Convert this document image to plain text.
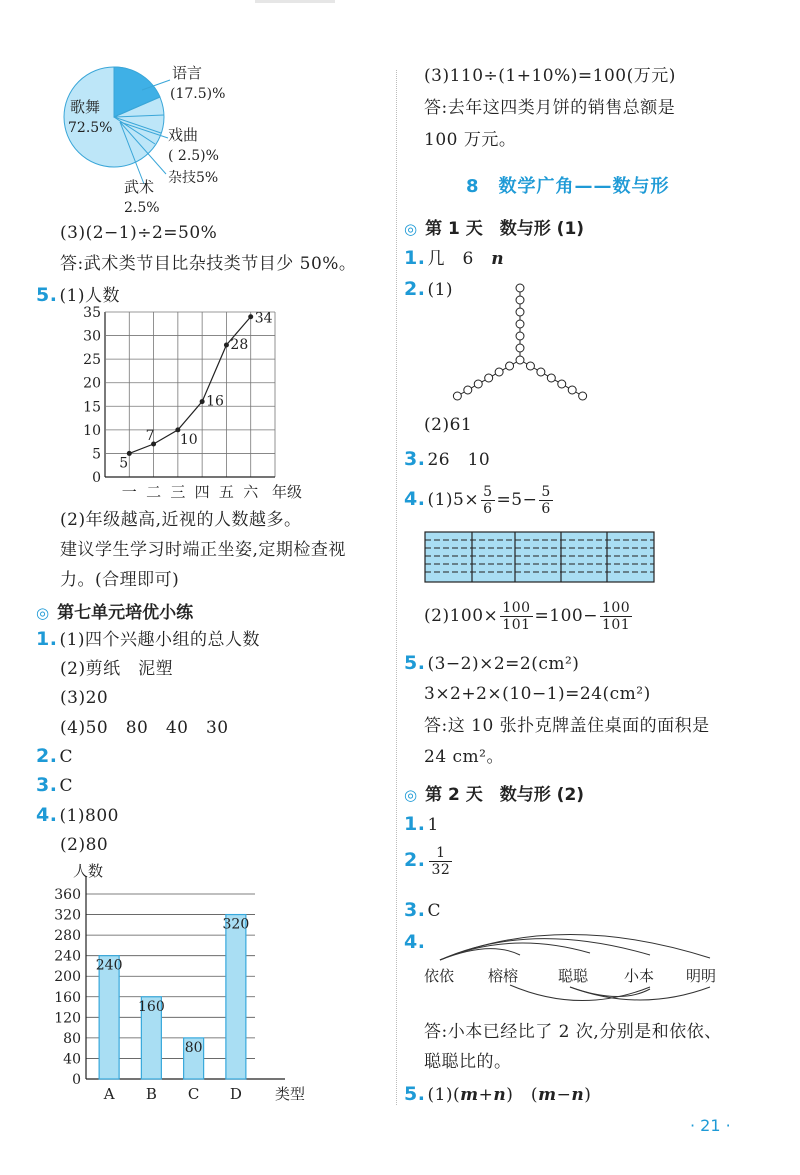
歌舞
72.5%
语言
(17.5)%
戏曲
( 2.5)%
杂技5%
武术
2.5%
(3)(2−1)÷2=50%
答:武术类节目比杂技类节目少 50%。
5. (1)人数
0
5
10
15
20
25
30
35
一 二 三 四 五 六 年级
5
7 10
16
28
34
(2)年级越高,近视的人数越多。
建议学生学习时端正坐姿,定期检查视
力。(合理即可)
◎ 第七单元培优小练
1. (1)四个兴趣小组的总人数
(2)剪纸　泥塑
(3)20
(4)50　80　40　30
2. C
3. C
4. (1)800
(2)80
0
40
80
120
160
200
240
280
320
360
人数
240
A
160
B
80
C
320
D 类型
(3)110÷(1+10%)=100(万元)
答:去年这四类月饼的销售总额是
100 万元。
8　数学广角——数与形
◎ 第 1 天　数与形 (1)
1. 几　6　n
2. (1)
(2)61
3. 26　10
4. $(1)5\times \frac{5}{6} =5- \frac{5}{6}$
$(2)100\times \frac{100}{101} =100- \frac{100}{101}$
5. (3−2)×2=2(cm²)
3×2+2×(10−1)=24(cm²)
答:这 10 张扑克牌盖住桌面的面积是
24 cm²。
◎ 第 2 天　数与形 (2)
1. 1
2. $\frac{1}{32}$
3. C
4.
依依 榕榕	聪聪 小本 明明
答:小本已经比了 2 次,分别是和依依、
聪聪比的。
5. (1)(m+n)　(m−n)
· 21 ·
